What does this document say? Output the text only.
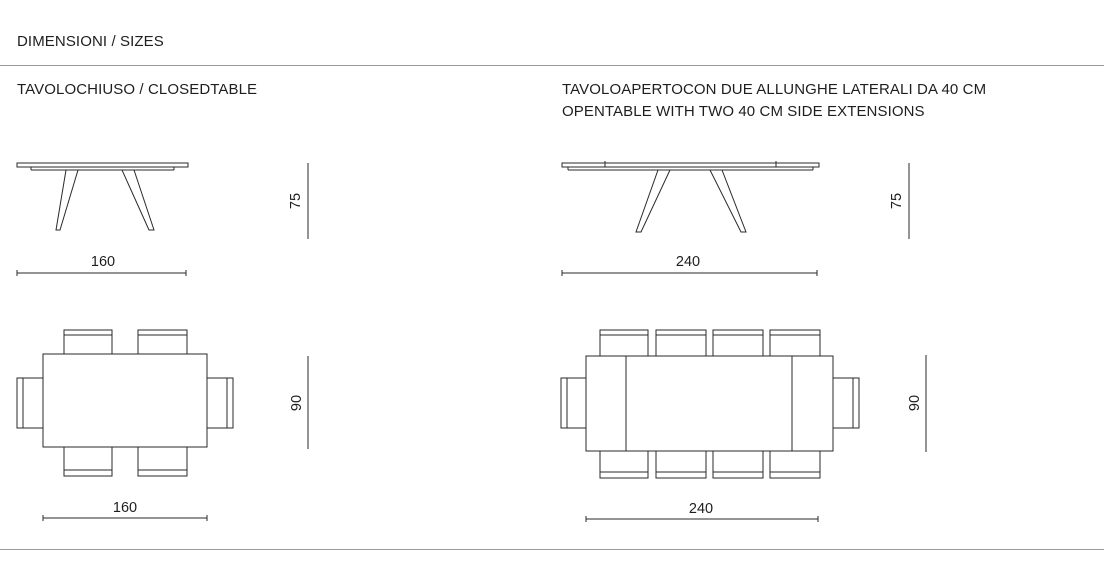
DIMENSIONI / SIZES
TAVOLOCHIUSO / CLOSEDTABLE	TAVOLOAPERTOCON DUE ALLUNGHE LATERALI DA 40 CM
OPENTABLE WITH TWO 40 CM SIDE EXTENSIONS
160
75
240
75
160
90
240
90
